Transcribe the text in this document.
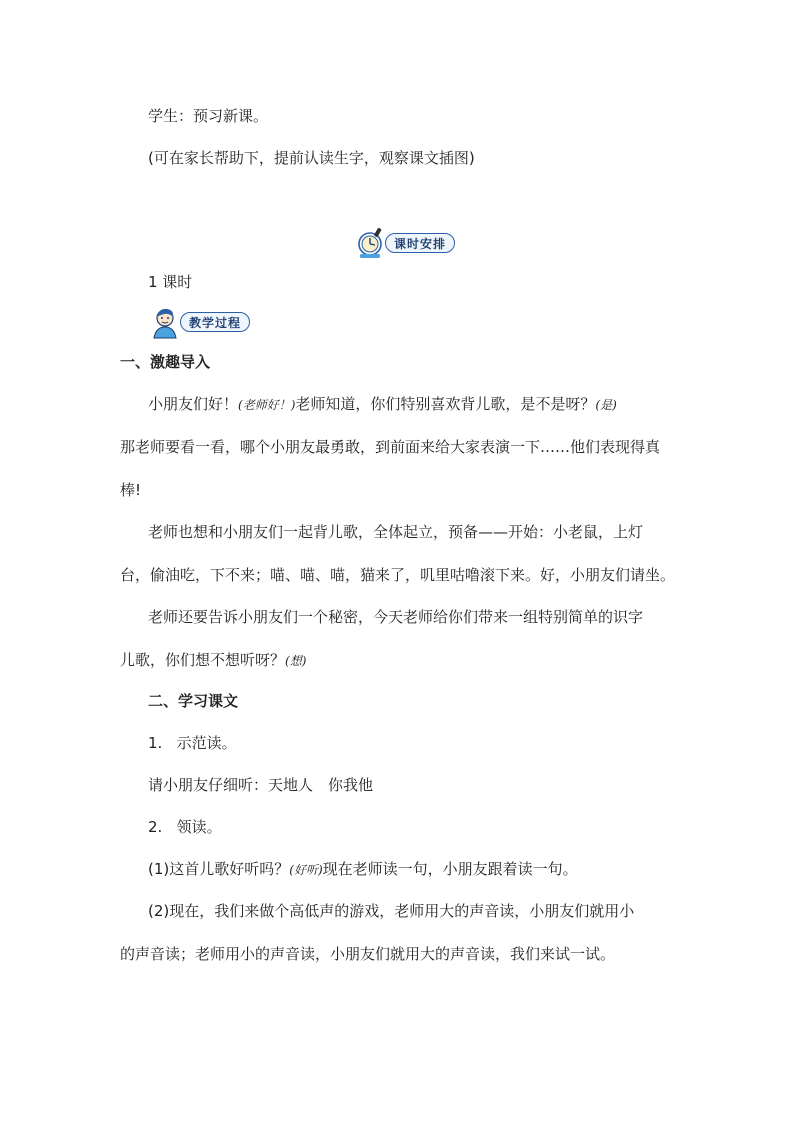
学生：预习新课。
(可在家长帮助下，提前认读生字，观察课文插图)
课时安排
1 课时
教学过程
一、激趣导入
小朋友们好！(老师好！)老师知道，你们特别喜欢背儿歌，是不是呀？(是)
那老师要看一看，哪个小朋友最勇敢，到前面来给大家表演一下……他们表现得真
棒!
老师也想和小朋友们一起背儿歌，全体起立，预备——开始：小老鼠，上灯
台，偷油吃，下不来；喵、喵、喵，猫来了，叽里咕噜滚下来。好，小朋友们请坐。
老师还要告诉小朋友们一个秘密，今天老师给你们带来一组特别简单的识字
儿歌，你们想不想听呀？(想)
二、学习课文
1. 示范读。
请小朋友仔细听：天地人　你我他
2. 领读。
(1)这首儿歌好听吗？(好听)现在老师读一句，小朋友跟着读一句。
(2)现在，我们来做个高低声的游戏，老师用大的声音读，小朋友们就用小
的声音读；老师用小的声音读，小朋友们就用大的声音读，我们来试一试。
